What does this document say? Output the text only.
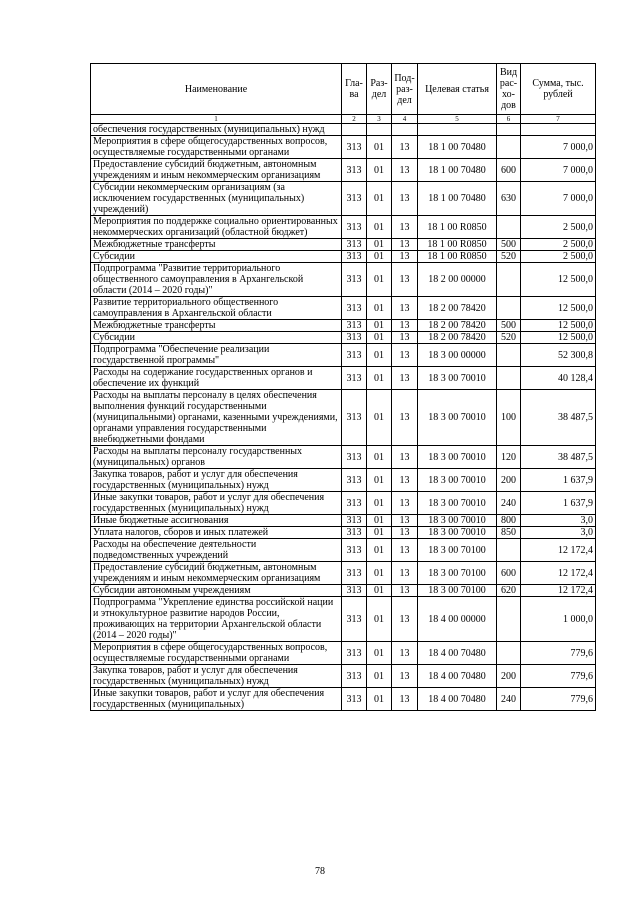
Наименование	Гла-ва	Раз-дел	Под-раз-дел	Целевая статья	Вид рас-хо-дов	Сумма, тыс. рублей
1	2	3	4	5	6	7
обеспечения государственных (муниципальных) нужд						
Мероприятия в сфере общегосударственных вопросов, осуществляемые государственными органами	313	01	13	18 1 00 70480		7 000,0
Предоставление субсидий бюджетным, автономным учреждениям и иным некоммерческим организациям	313	01	13	18 1 00 70480	600	7 000,0
Субсидии некоммерческим организациям (за исключением государственных (муниципальных) учреждений)	313	01	13	18 1 00 70480	630	7 000,0
Мероприятия по поддержке социально ориентированных некоммерческих организаций (областной бюджет)	313	01	13	18 1 00 R0850		2 500,0
Межбюджетные трансферты	313	01	13	18 1 00 R0850	500	2 500,0
Субсидии	313	01	13	18 1 00 R0850	520	2 500,0
Подпрограмма "Развитие территориального общественного самоуправления в Архангельской области (2014 – 2020 годы)"	313	01	13	18 2 00 00000		12 500,0
Развитие территориального общественного самоуправления в Архангельской области	313	01	13	18 2 00 78420		12 500,0
Межбюджетные трансферты	313	01	13	18 2 00 78420	500	12 500,0
Субсидии	313	01	13	18 2 00 78420	520	12 500,0
Подпрограмма "Обеспечение реализации государственной программы"	313	01	13	18 3 00 00000		52 300,8
Расходы на содержание государственных органов и обеспечение их функций	313	01	13	18 3 00 70010		40 128,4
Расходы на выплаты персоналу в целях обеспечения выполнения функций государственными (муниципальными) органами, казенными учреждениями, органами управления государственными внебюджетными фондами	313	01	13	18 3 00 70010	100	38 487,5
Расходы на выплаты персоналу государственных (муниципальных) органов	313	01	13	18 3 00 70010	120	38 487,5
Закупка товаров, работ и услуг для обеспечения государственных (муниципальных) нужд	313	01	13	18 3 00 70010	200	1 637,9
Иные закупки товаров, работ и услуг для обеспечения государственных (муниципальных) нужд	313	01	13	18 3 00 70010	240	1 637,9
Иные бюджетные ассигнования	313	01	13	18 3 00 70010	800	3,0
Уплата налогов, сборов и иных платежей	313	01	13	18 3 00 70010	850	3,0
Расходы на обеспечение деятельности подведомственных учреждений	313	01	13	18 3 00 70100		12 172,4
Предоставление субсидий бюджетным, автономным учреждениям и иным некоммерческим организациям	313	01	13	18 3 00 70100	600	12 172,4
Субсидии автономным учреждениям	313	01	13	18 3 00 70100	620	12 172,4
Подпрограмма "Укрепление единства российской нации и этнокультурное развитие народов России, проживающих на территории Архангельской области (2014 – 2020 годы)"	313	01	13	18 4 00 00000		1 000,0
Мероприятия в сфере общегосударственных вопросов, осуществляемые государственными органами	313	01	13	18 4 00 70480		779,6
Закупка товаров, работ и услуг для обеспечения государственных (муниципальных) нужд	313	01	13	18 4 00 70480	200	779,6
Иные закупки товаров, работ и услуг для обеспечения государственных (муниципальных)	313	01	13	18 4 00 70480	240	779,6
78
